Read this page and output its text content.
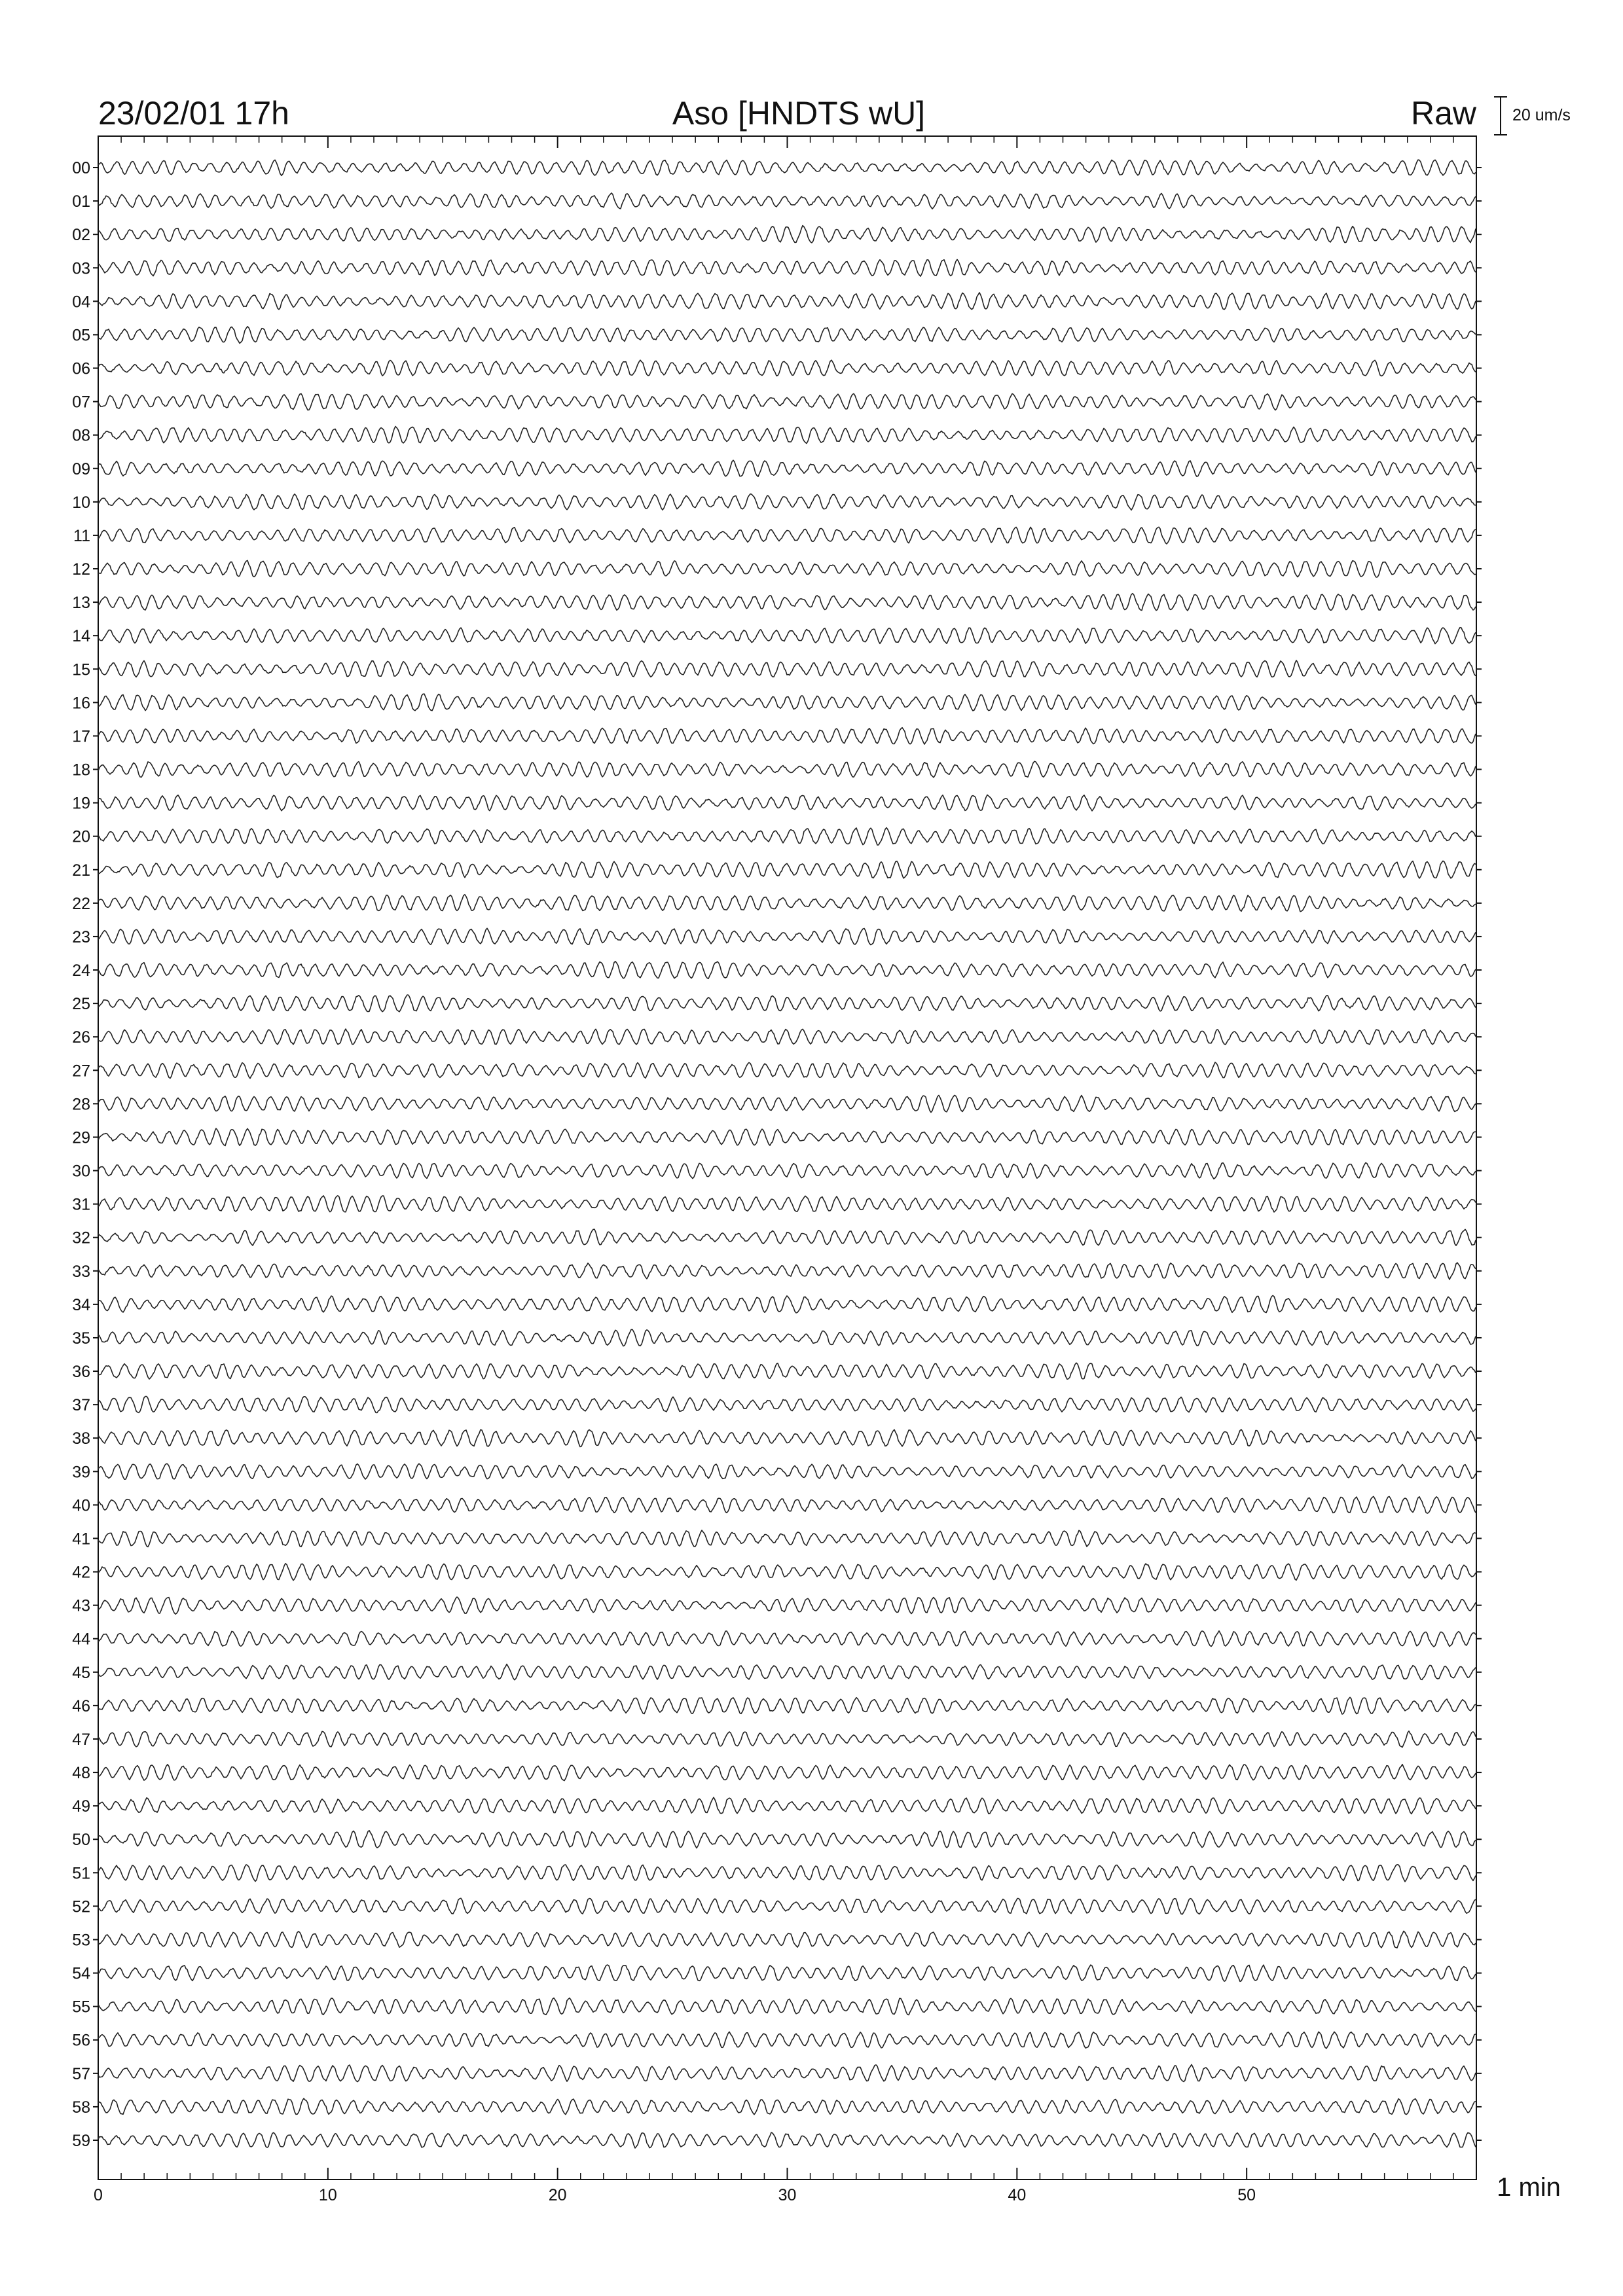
23/02/01 17h	Aso [HNDTS wU]	Raw 20 um/s
00
01
02
03
04
05
06
07
08
09
10
11
12
13
14
15
16
17
18
19
20
21
22
23
24
25
26
27
28
29
30
31
32
33
34
35
36
37
38
39
40
41
42
43
44
45
46
47
48
49
50
51
52
53
54
55
56
57
58
59
0	10	20	30	40	50	1 min
